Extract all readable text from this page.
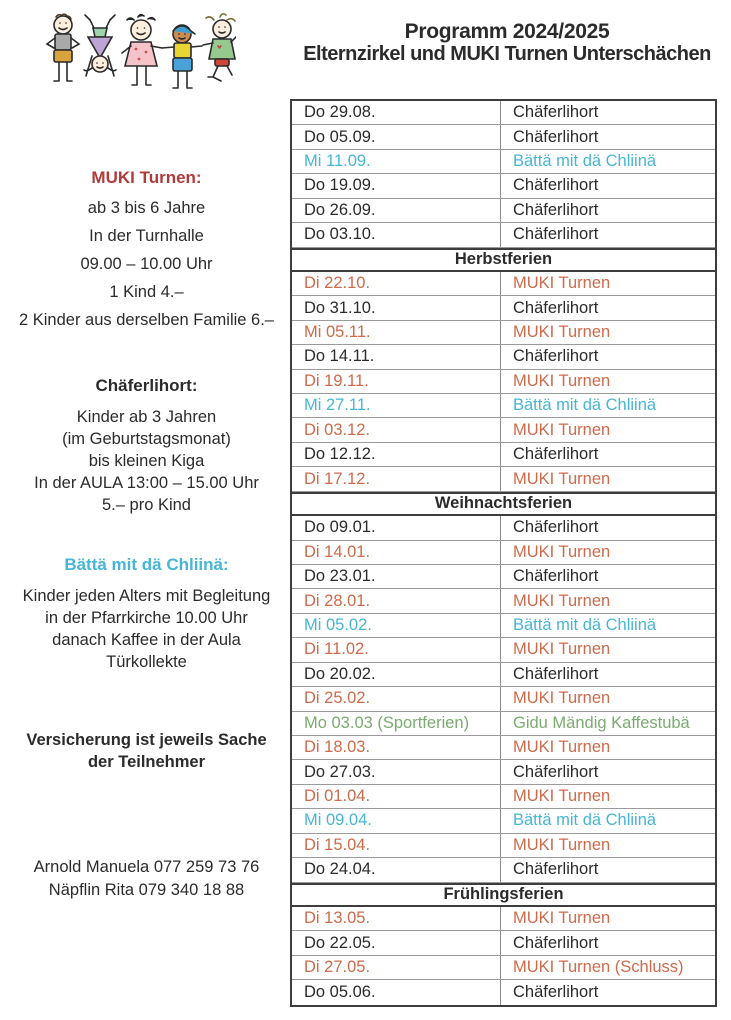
Programm 2024/2025
Elternzirkel und MUKI Turnen Unterschächen
MUKI Turnen:
ab 3 bis 6 Jahre
In der Turnhalle
09.00 – 10.00 Uhr
1 Kind 4.–
2 Kinder aus derselben Familie 6.–
Chäferlihort:
Kinder ab 3 Jahren
(im Geburtstagsmonat)
bis kleinen Kiga
In der AULA 13:00 – 15.00 Uhr
5.– pro Kind
Bättä mit dä Chliinä:
Kinder jeden Alters mit Begleitung
in der Pfarrkirche 10.00 Uhr
danach Kaffee in der Aula
Türkollekte
Versicherung ist jeweils Sache
der Teilnehmer
Arnold Manuela 077 259 73 76
Näpflin Rita 079 340 18 88
Do 29.08.	Chäferlihort
Do 05.09.	Chäferlihort
Mi 11.09.	Bättä mit dä Chliinä
Do 19.09.	Chäferlihort
Do 26.09.	Chäferlihort
Do 03.10.	Chäferlihort
Herbstferien
Di 22.10.	MUKI Turnen
Do 31.10.	Chäferlihort
Mi 05.11.	MUKI Turnen
Do 14.11.	Chäferlihort
Di 19.11.	MUKI Turnen
Mi 27.11.	Bättä mit dä Chliinä
Di 03.12.	MUKI Turnen
Do 12.12.	Chäferlihort
Di 17.12.	MUKI Turnen
Weihnachtsferien
Do 09.01.	Chäferlihort
Di 14.01.	MUKI Turnen
Do 23.01.	Chäferlihort
Di 28.01.	MUKI Turnen
Mi 05.02.	Bättä mit dä Chliinä
Di 11.02.	MUKI Turnen
Do 20.02.	Chäferlihort
Di 25.02.	MUKI Turnen
Mo 03.03 (Sportferien)	Gidu Mändig Kaffestubä
Di 18.03.	MUKI Turnen
Do 27.03.	Chäferlihort
Di 01.04.	MUKI Turnen
Mi 09.04.	Bättä mit dä Chliinä
Di 15.04.	MUKI Turnen
Do 24.04.	Chäferlihort
Frühlingsferien
Di 13.05.	MUKI Turnen
Do 22.05.	Chäferlihort
Di 27.05.	MUKI Turnen (Schluss)
Do 05.06.	Chäferlihort
